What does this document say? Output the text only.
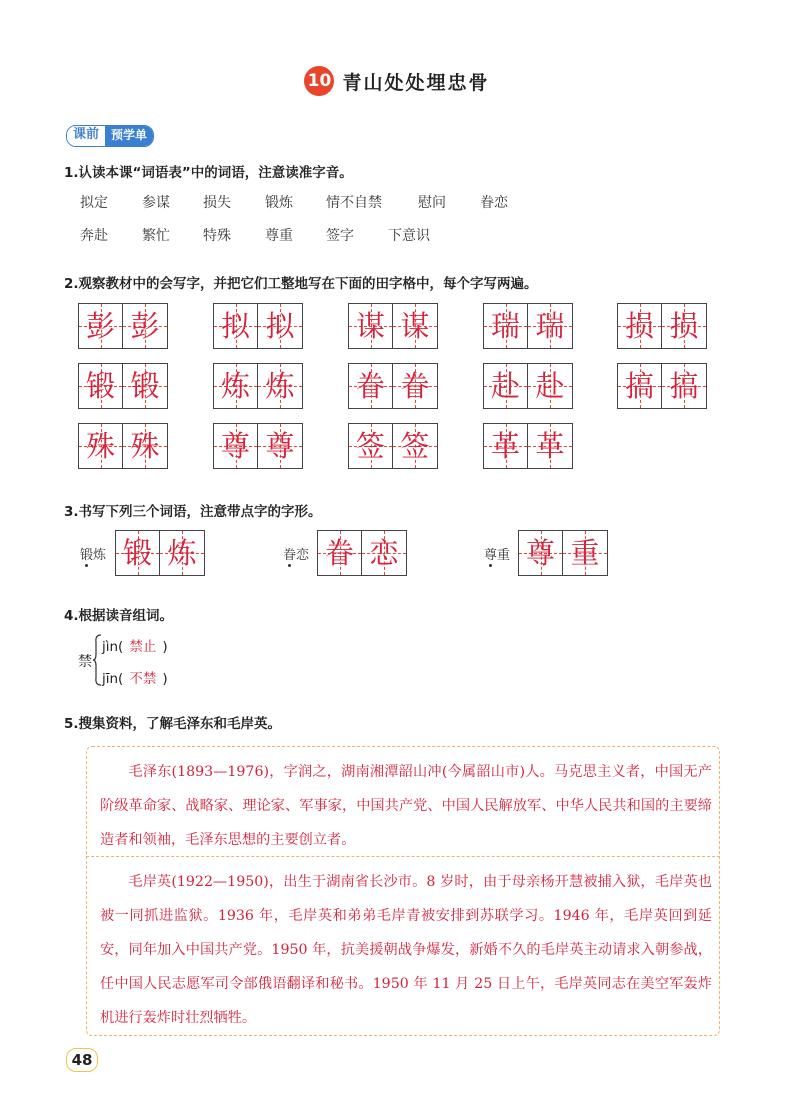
10 青山处处埋忠骨
课前	预学单
1.认读本课“词语表”中的词语，注意读准字音。
拟定 参谋 损失 锻炼 情不自禁	慰问 眷恋
奔赴 繁忙 特殊 尊重 签字 下意识
2.观察教材中的会写字，并把它们工整地写在下面的田字格中，每个字写两遍。
彭 彭 拟 拟 谋 谋 瑞 瑞 损 损
锻 锻 炼 炼 眷 眷 赴 赴 搞 搞
殊 殊 尊 尊 签 签 革 革
3.书写下列三个词语，注意带点字的字形。
锻炼 锻 炼	眷恋 眷 恋	尊重 尊 重
4.根据读音组词。
禁
jìn( 禁止 )
jīn( 不禁 )
5.搜集资料，了解毛泽东和毛岸英。
毛泽东(1893—1976)，字润之，湖南湘潭韶山冲(今属韶山市)人。马克思主义者，中国无产阶级革命家、战略家、理论家、军事家，中国共产党、中国人民解放军、中华人民共和国的主要缔造者和领袖，毛泽东思想的主要创立者。
毛岸英(1922—1950)，出生于湖南省长沙市。8 岁时，由于母亲杨开慧被捕入狱，毛岸英也被一同抓进监狱。1936 年，毛岸英和弟弟毛岸青被安排到苏联学习。1946 年，毛岸英回到延安，同年加入中国共产党。1950 年，抗美援朝战争爆发，新婚不久的毛岸英主动请求入朝参战，任中国人民志愿军司令部俄语翻译和秘书。1950 年 11 月 25 日上午，毛岸英同志在美空军轰炸机进行轰炸时壮烈牺牲。
48
